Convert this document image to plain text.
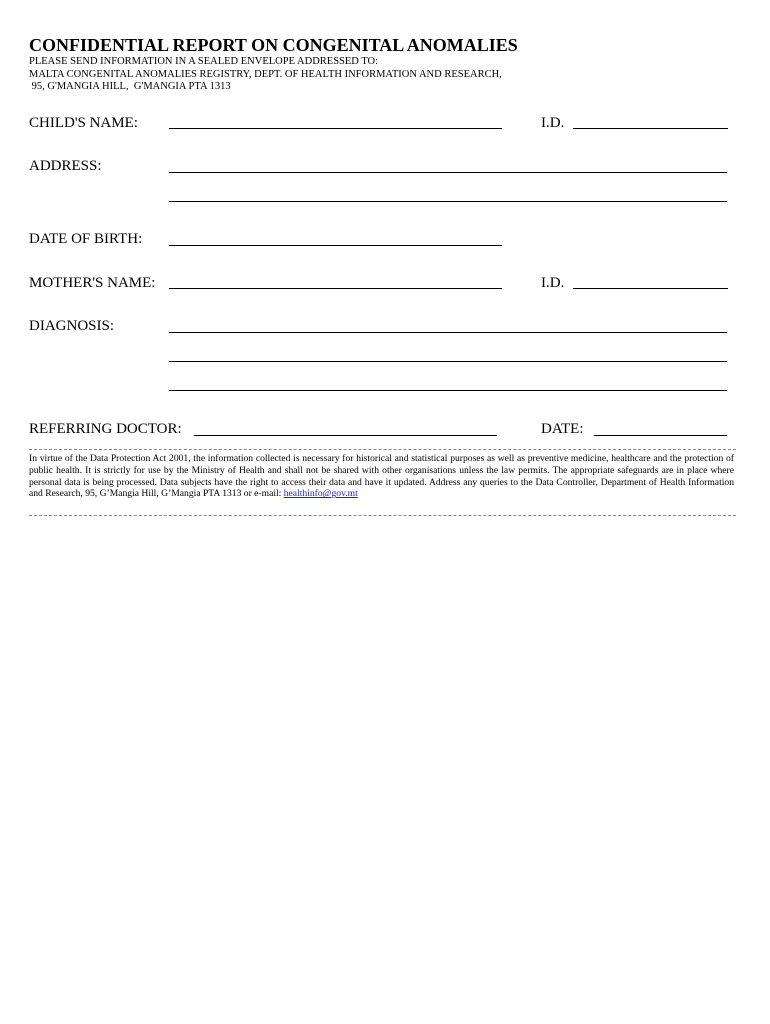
CONFIDENTIAL REPORT ON CONGENITAL ANOMALIES
PLEASE SEND INFORMATION IN A SEALED ENVELOPE ADDRESSED TO:
MALTA CONGENITAL ANOMALIES REGISTRY, DEPT. OF HEALTH INFORMATION AND RESEARCH,
95, G'MANGIA HILL,  G'MANGIA PTA 1313
CHILD'S NAME:	I.D.
ADDRESS:
DATE OF BIRTH:
MOTHER'S NAME:	I.D.
DIAGNOSIS:
REFERRING DOCTOR:	DATE:
In virtue of the Data Protection Act 2001, the information collected is necessary for historical and statistical purposes as well as preventive medicine, healthcare and the protection of public health. It is strictly for use by the Ministry of Health and shall not be shared with other organisations unless the law permits. The appropriate safeguards are in place where personal data is being processed. Data subjects have the right to access their data and have it updated. Address any queries to the Data Controller, Department of Health Information and Research, 95, G’Mangia Hill, G’Mangia PTA 1313 or e-mail: healthinfo@gov.mt
